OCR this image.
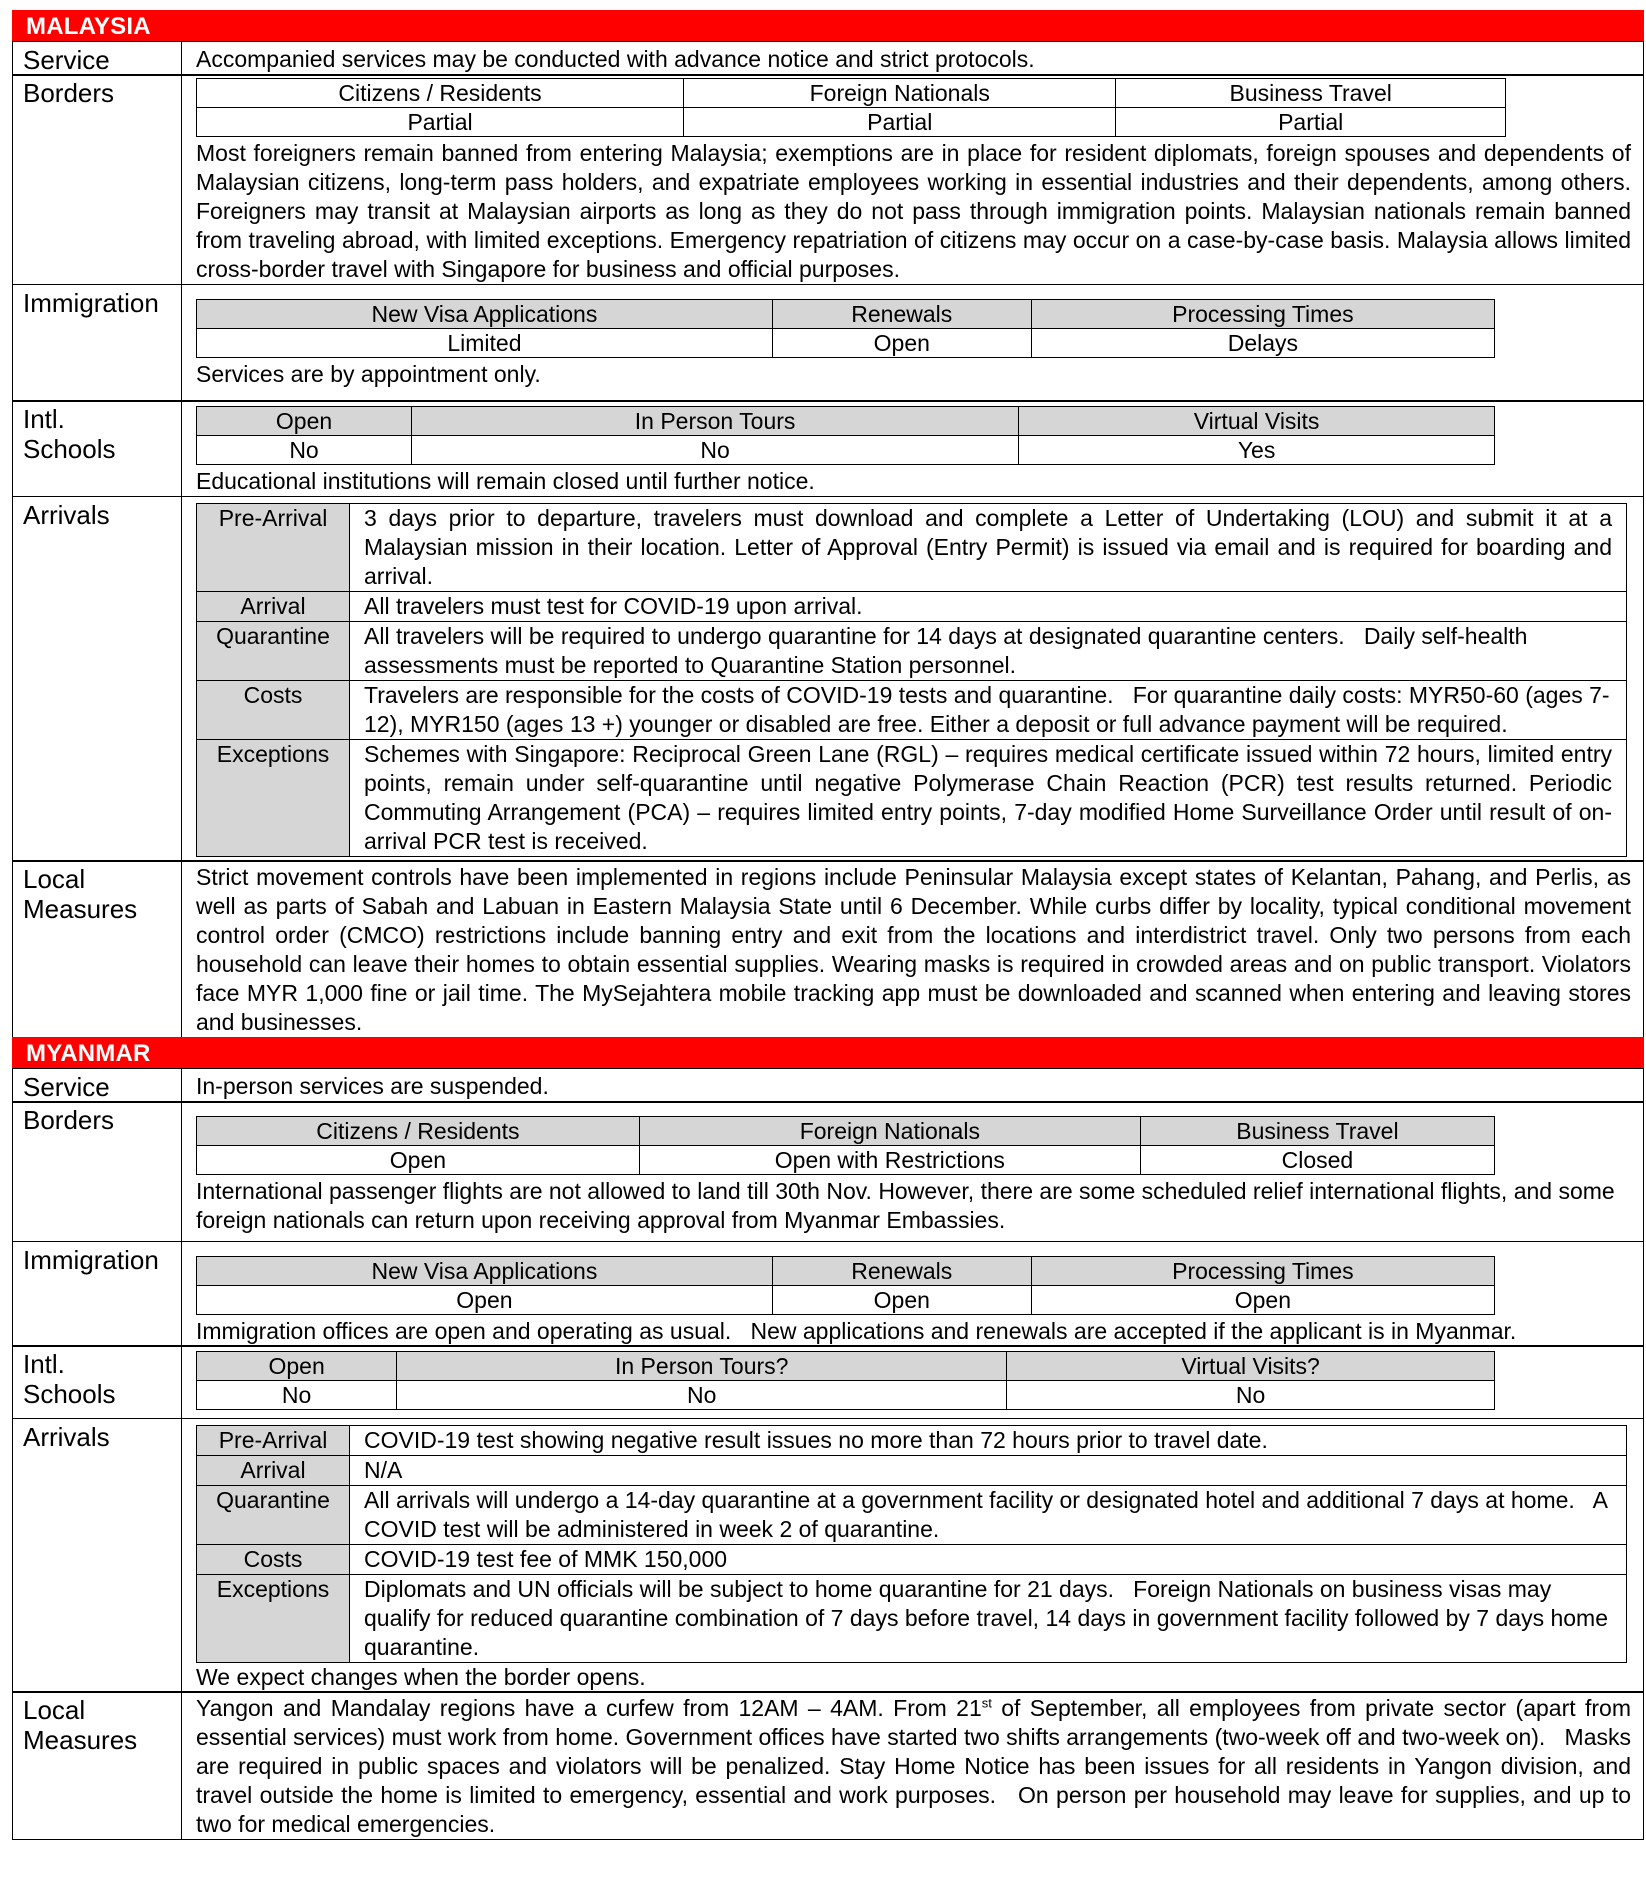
MALAYSIA
Service	Accompanied services may be conducted with advance notice and strict protocols.
Borders	Citizens / Residents	Foreign Nationals	Business Travel
Partial	Partial	Partial
Most foreigners remain banned from entering Malaysia; exemptions are in place for resident diplomats, foreign spouses and dependents of Malaysian citizens, long-term pass holders, and expatriate employees working in essential industries and their dependents, among others. Foreigners may transit at Malaysian airports as long as they do not pass through immigration points. Malaysian nationals remain banned from traveling abroad, with limited exceptions. Emergency repatriation of citizens may occur on a case-by-case basis. Malaysia allows limited cross-border travel with Singapore for business and official purposes.
Immigration	New Visa Applications	Renewals	Processing Times
Limited	Open	Delays
Services are by appointment only.
Intl.
Schools
Open	In Person Tours	Virtual Visits
No	No	Yes
Educational institutions will remain closed until further notice.
Arrivals	Pre-Arrival	3 days prior to departure, travelers must download and complete a Letter of Undertaking (LOU) and submit it at a Malaysian mission in their location. Letter of Approval (Entry Permit) is issued via email and is required for boarding and arrival.
Arrival	All travelers must test for COVID-19 upon arrival.
Quarantine	All travelers will be required to undergo quarantine for 14 days at designated quarantine centers.   Daily self-health assessments must be reported to Quarantine Station personnel.
Costs	Travelers are responsible for the costs of COVID-19 tests and quarantine.   For quarantine daily costs: MYR50-60 (ages 7-12), MYR150 (ages 13 +) younger or disabled are free. Either a deposit or full advance payment will be required.
Exceptions	Schemes with Singapore: Reciprocal Green Lane (RGL) – requires medical certificate issued within 72 hours, limited entry points, remain under self-quarantine until negative Polymerase Chain Reaction (PCR) test results returned. Periodic Commuting Arrangement (PCA) – requires limited entry points, 7-day modified Home Surveillance Order until result of on-arrival PCR test is received.
Local
Measures
Strict movement controls have been implemented in regions include Peninsular Malaysia except states of Kelantan, Pahang, and Perlis, as well as parts of Sabah and Labuan in Eastern Malaysia State until 6 December. While curbs differ by locality, typical conditional movement control order (CMCO) restrictions include banning entry and exit from the locations and interdistrict travel. Only two persons from each household can leave their homes to obtain essential supplies. Wearing masks is required in crowded areas and on public transport. Violators face MYR 1,000 fine or jail time. The MySejahtera mobile tracking app must be downloaded and scanned when entering and leaving stores and businesses.
MYANMAR
Service	In-person services are suspended.
Borders	Citizens / Residents	Foreign Nationals	Business Travel
Open	Open with Restrictions	Closed
International passenger flights are not allowed to land till 30th Nov. However, there are some scheduled relief international flights, and some foreign nationals can return upon receiving approval from Myanmar Embassies.
Immigration	New Visa Applications	Renewals	Processing Times
Open	Open	Open
Immigration offices are open and operating as usual.   New applications and renewals are accepted if the applicant is in Myanmar.
Intl.
Schools
Open	In Person Tours?	Virtual Visits?
No	No	No
Arrivals	Pre-Arrival	COVID-19 test showing negative result issues no more than 72 hours prior to travel date.
Arrival	N/A
Quarantine	All arrivals will undergo a 14-day quarantine at a government facility or designated hotel and additional 7 days at home.   A COVID test will be administered in week 2 of quarantine.
Costs	COVID-19 test fee of MMK 150,000
Exceptions	Diplomats and UN officials will be subject to home quarantine for 21 days.   Foreign Nationals on business visas may qualify for reduced quarantine combination of 7 days before travel, 14 days in government facility followed by 7 days home quarantine.
We expect changes when the border opens.
Local
Measures
Yangon and Mandalay regions have a curfew from 12AM – 4AM. From 21st of September, all employees from private sector (apart from essential services) must work from home. Government offices have started two shifts arrangements (two-week off and two-week on).   Masks are required in public spaces and violators will be penalized. Stay Home Notice has been issues for all residents in Yangon division, and travel outside the home is limited to emergency, essential and work purposes.   On person per household may leave for supplies, and up to two for medical emergencies.
